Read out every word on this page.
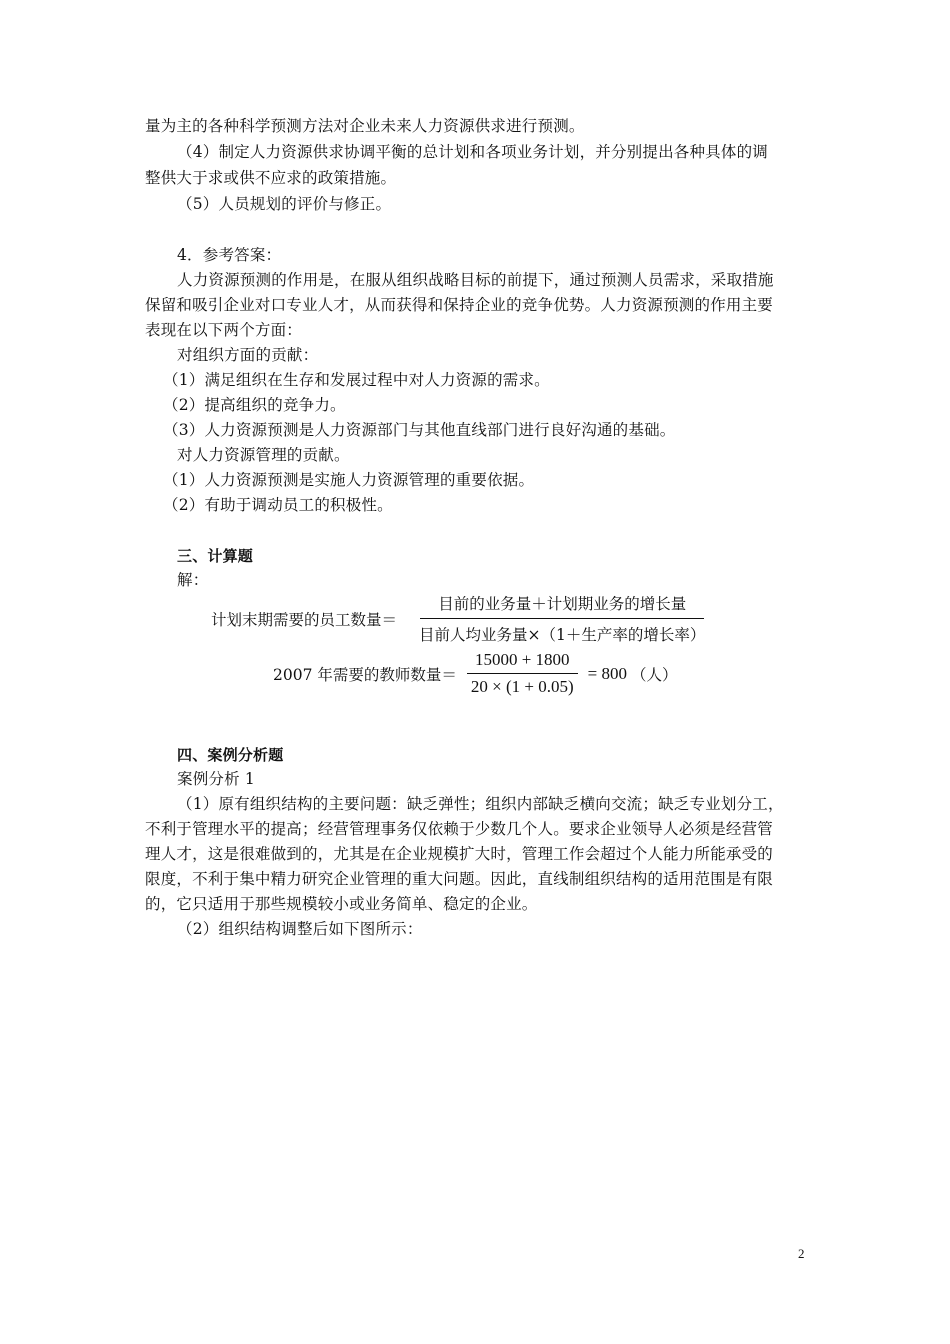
量为主的各种科学预测方法对企业未来人力资源供求进行预测。
（4）制定人力资源供求协调平衡的总计划和各项业务计划，并分别提出各种具体的调
整供大于求或供不应求的政策措施。
（5）人员规划的评价与修正。
4．参考答案：
人力资源预测的作用是，在服从组织战略目标的前提下，通过预测人员需求，采取措施
保留和吸引企业对口专业人才，从而获得和保持企业的竞争优势。人力资源预测的作用主要
表现在以下两个方面：
对组织方面的贡献：
（1）满足组织在生存和发展过程中对人力资源的需求。
（2）提高组织的竞争力。
（3）人力资源预测是人力资源部门与其他直线部门进行良好沟通的基础。
对人力资源管理的贡献。
（1）人力资源预测是实施人力资源管理的重要依据。
（2）有助于调动员工的积极性。
三、计算题
解：
计划末期需要的员工数量＝ $\frac{\text{目前的业务量＋计划期业务的增长量}}{\text{目前人均业务量×（1＋生产率的增长率）}}$
2007 年需要的教师数量＝ $\frac{15000 + 1800}{20 \times (1 + 0.05)} = 800$ （人）
四、案例分析题
案例分析 1
（1）原有组织结构的主要问题：缺乏弹性；组织内部缺乏横向交流；缺乏专业划分工，
不利于管理水平的提高；经营管理事务仅依赖于少数几个人。要求企业领导人必须是经营管
理人才，这是很难做到的，尤其是在企业规模扩大时，管理工作会超过个人能力所能承受的
限度，不利于集中精力研究企业管理的重大问题。因此，直线制组织结构的适用范围是有限
的，它只适用于那些规模较小或业务简单、稳定的企业。
（2）组织结构调整后如下图所示：
2
